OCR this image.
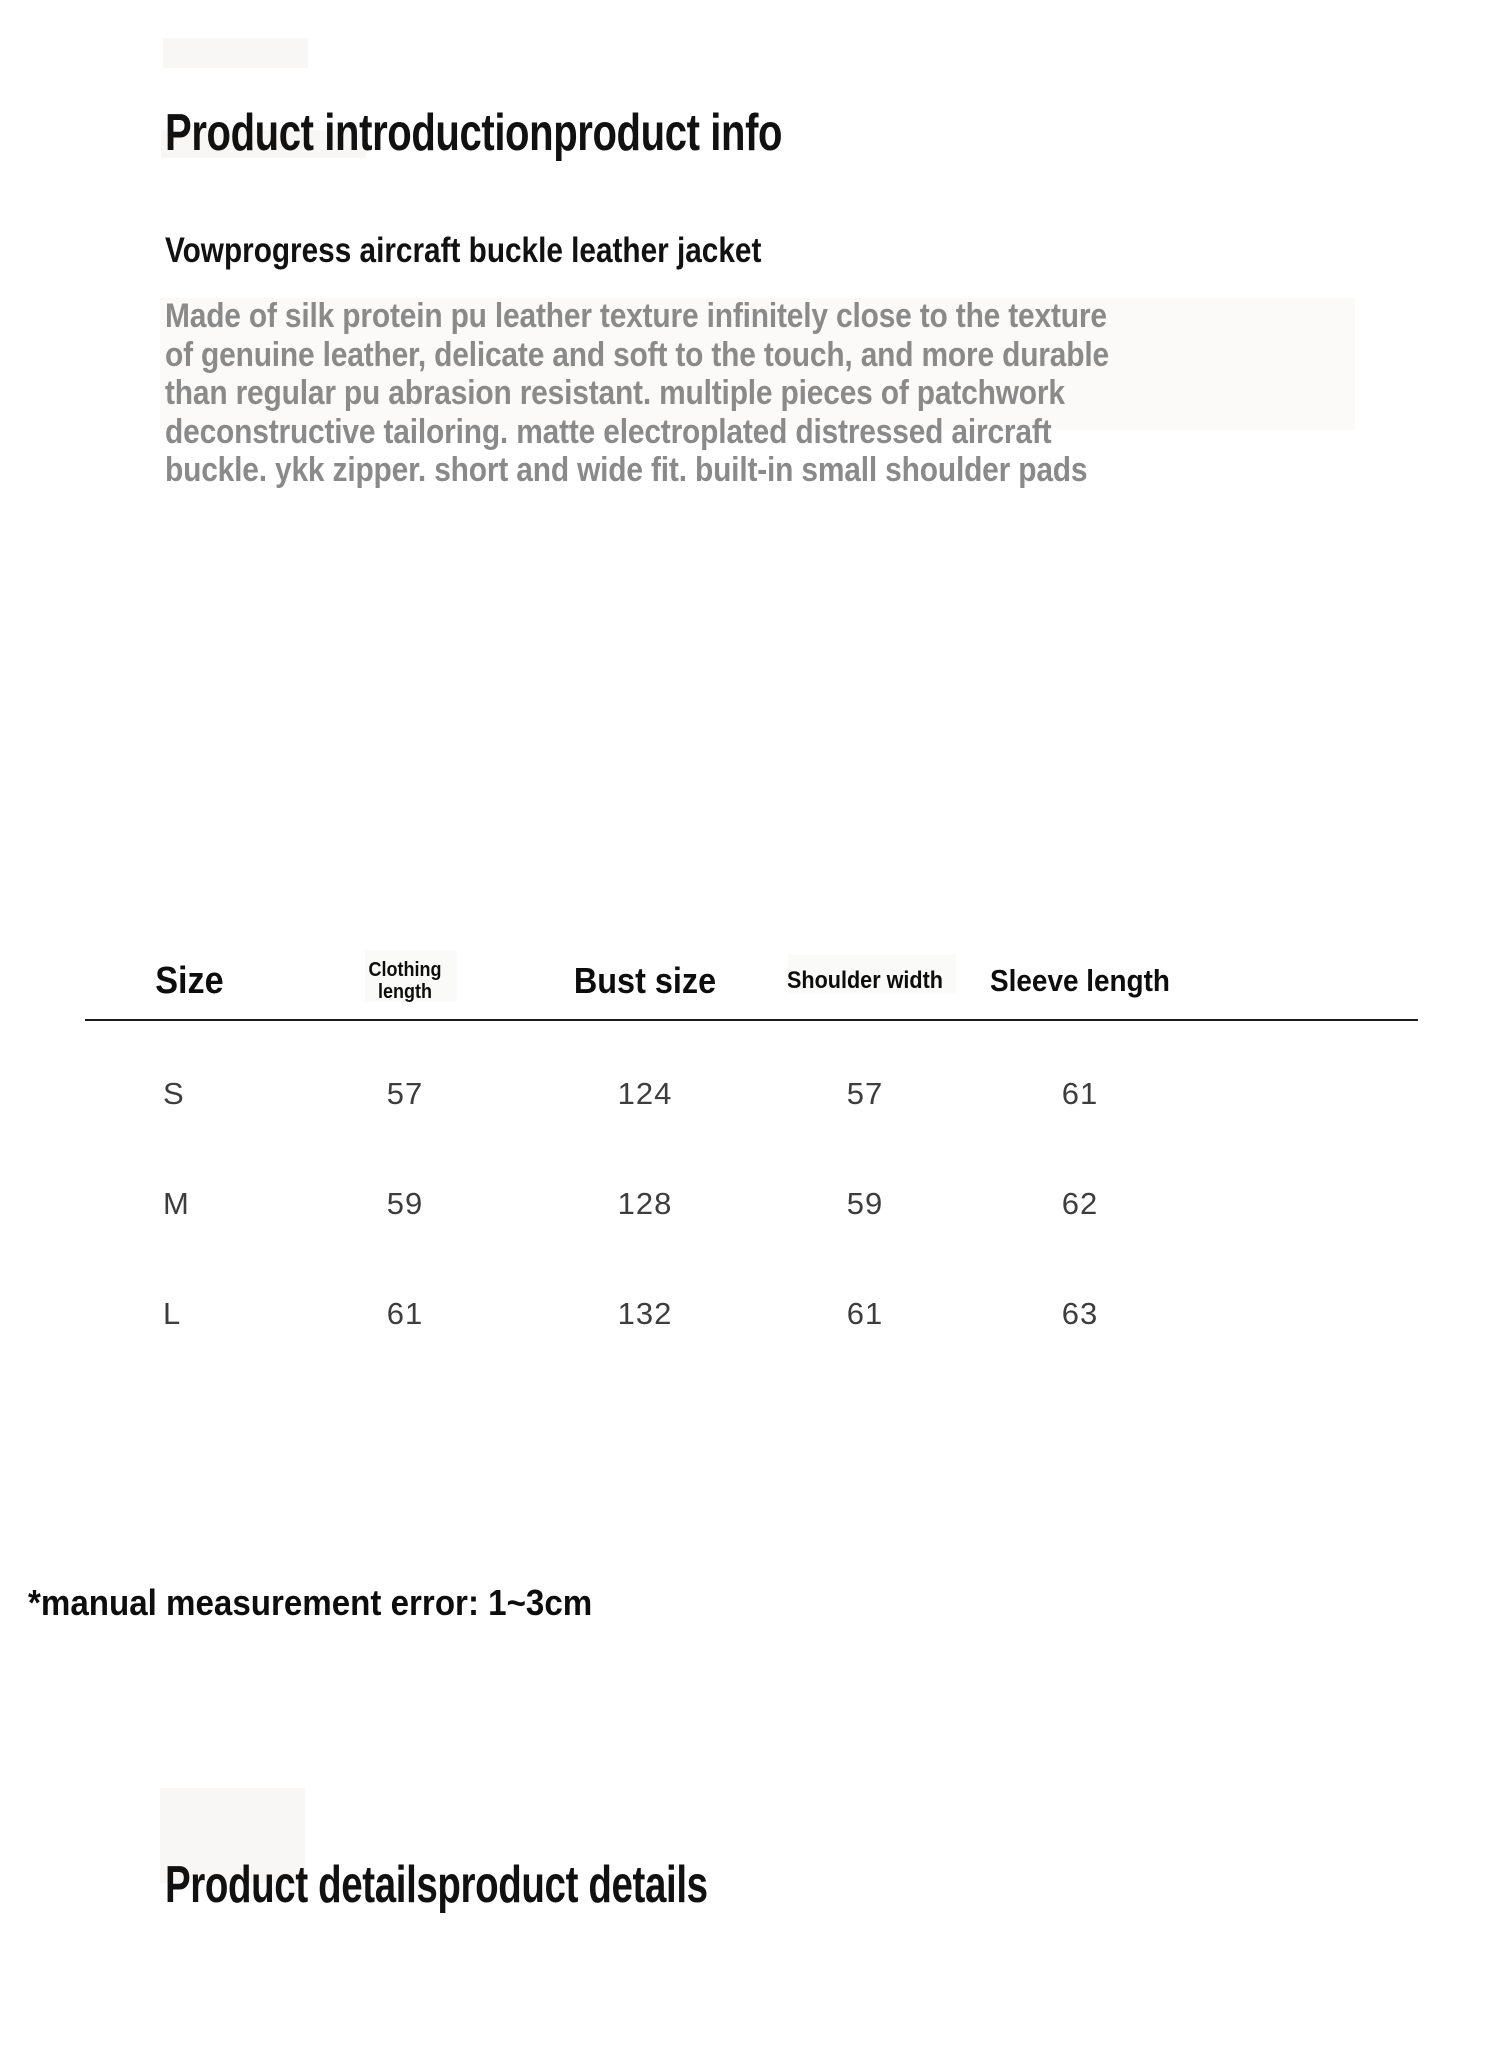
Product introductionproduct info
Vowprogress aircraft buckle leather jacket
Made of silk protein pu leather texture infinitely close to the texture
of genuine leather, delicate and soft to the touch, and more durable
than regular pu abrasion resistant. multiple pieces of patchwork
deconstructive tailoring. matte electroplated distressed aircraft
buckle. ykk zipper. short and wide fit. built-in small shoulder pads
Size	Clothing length	Bust size	Shoulder width	Sleeve length
S	57	124	57	61
M	59	128	59	62
L	61	132	61	63
*manual measurement error: 1~3cm
Product detailsproduct details
